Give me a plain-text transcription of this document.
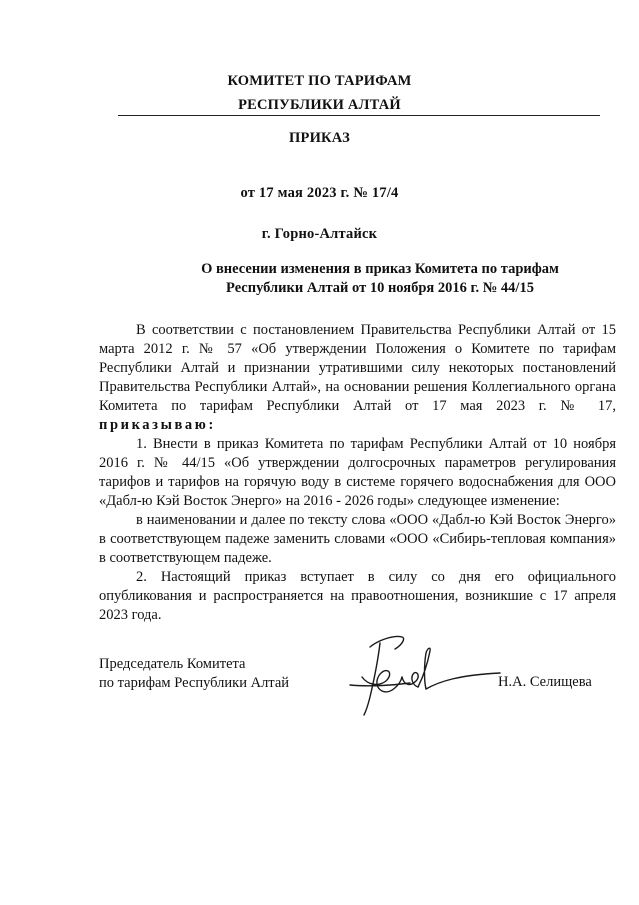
КОМИТЕТ ПО ТАРИФАМ
РЕСПУБЛИКИ АЛТАЙ
ПРИКАЗ
от 17 мая 2023 г. № 17/4
г. Горно-Алтайск
О внесении изменения в приказ Комитета по тарифам
Республики Алтай от 10 ноября 2016 г. № 44/15

В соответствии с постановлением Правительства Республики Алтай от 15 марта 2012 г. № 57 «Об утверждении Положения о Комитете по тарифам Республики Алтай и признании утратившими силу некоторых постановлений Правительства Республики Алтай», на основании решения Коллегиального органа Комитета по тарифам Республики Алтай от 17 мая 2023 г. № 17, приказываю:

1. Внести в приказ Комитета по тарифам Республики Алтай от 10 ноября 2016 г. № 44/15 «Об утверждении долгосрочных параметров регулирования тарифов и тарифов на горячую воду в системе горячего водоснабжения для ООО «Дабл-ю Кэй Восток Энерго» на 2016 - 2026 годы» следующее изменение:

в наименовании и далее по тексту слова «ООО «Дабл-ю Кэй Восток Энерго» в соответствующем падеже заменить словами «ООО «Сибирь-тепловая компания» в соответствующем падеже.

2. Настоящий приказ вступает в силу со дня его официального опубликования и распространяется на правоотношения, возникшие с 17 апреля 2023 года.

Председатель Комитета
по тарифам Республики Алтай	Н.А. Селищева
